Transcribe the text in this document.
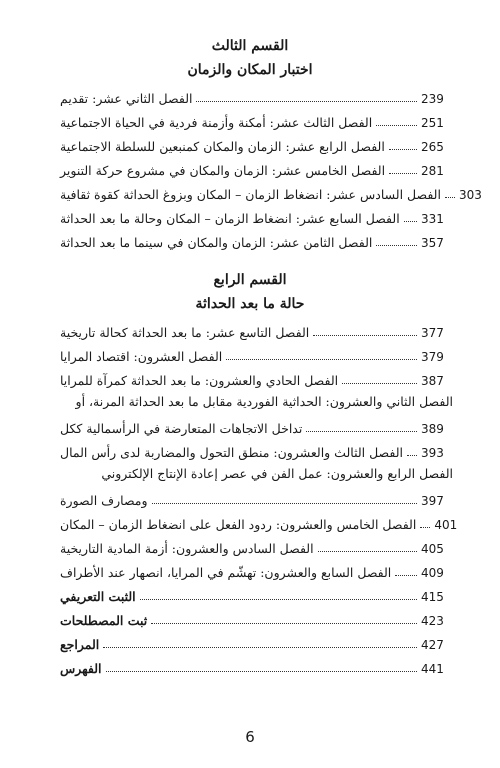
القسم الثالث
اختبار المكان والزمان
الفصل الثاني عشر: تقديم	239
الفصل الثالث عشر: أمكنة وأزمنة فردية في الحياة الاجتماعية	251
الفصل الرابع عشر: الزمان والمكان كمنبعين للسلطة الاجتماعية	265
الفصل الخامس عشر: الزمان والمكان في مشروع حركة التنوير	281
الفصل السادس عشر: انضغاط الزمان – المكان وبزوغ الحداثة كقوة ثقافية 303
الفصل السابع عشر: انضغاط الزمان – المكان وحالة ما بعد الحداثة 331
الفصل الثامن عشر: الزمان والمكان في سينما ما بعد الحداثة	357
القسم الرابع
حالة ما بعد الحداثة
الفصل التاسع عشر: ما بعد الحداثة كحالة تاريخية	377
الفصل العشرون: اقتصاد المرايا	379
الفصل الحادي والعشرون: ما بعد الحداثة كمرآة للمرايا	387
الفصل الثاني والعشرون: الحداثية الفوردية مقابل ما بعد الحداثة المرنة، أو
تداخل الاتجاهات المتعارضة في الرأسمالية ككل	389
الفصل الثالث والعشرون: منطق التحول والمضاربة لدى رأس المال 393
الفصل الرابع والعشرون: عمل الفن في عصر إعادة الإنتاج الإلكتروني
ومصارف الصورة	397
الفصل الخامس والعشرون: ردود الفعل على انضغاط الزمان – المكان 401
الفصل السادس والعشرون: أزمة المادية التاريخية	405
الفصل السابع والعشرون: تهشّم في المرايا، انصهار عند الأطراف 409
الثبت التعريفي	415
ثبت المصطلحات	423
المراجع	427
الفهرس	441
6
